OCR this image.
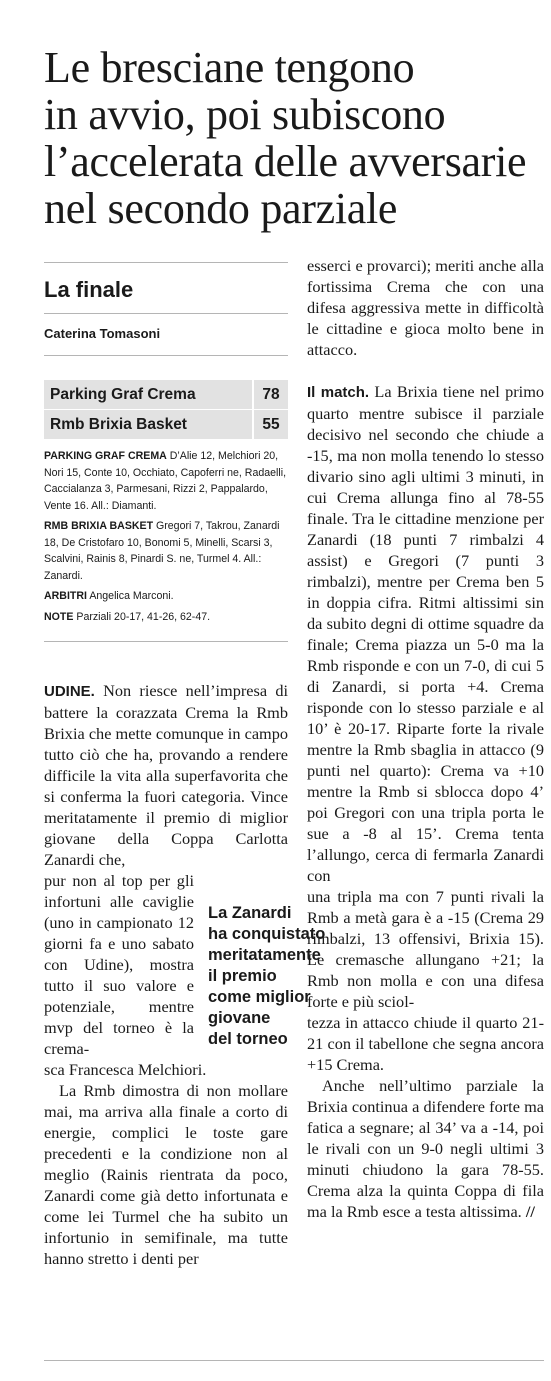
Le bresciane tengono
in avvio, poi subiscono
l’accelerata delle avversarie
nel secondo parziale
La finale
Caterina Tomasoni
Parking Graf Crema	78
Rmb Brixia Basket	55

PARKING GRAF CREMA D’Alie 12, Melchiori 20, Nori 15, Conte 10, Occhiato, Capoferri ne, Radaelli, Caccialanza 3, Parmesani, Rizzi 2, Pappalardo, Vente 16. All.: Diamanti.

RMB BRIXIA BASKET Gregori 7, Takrou, Zanardi 18, De Cristofaro 10, Bonomi 5, Minelli, Scarsi 3, Scalvini, Rainis 8, Pinardi S. ne, Turmel 4. All.: Zanardi.

ARBITRI Angelica Marconi.

NOTE Parziali 20-17, 41-26, 62-47.

UDINE. Non riesce nell’impresa di battere la corazzata Crema la Rmb Brixia che mette comunque in campo tutto ciò che ha, provando a rendere difficile la vita alla superfavorita che si conferma la fuori categoria. Vince meritatamente il premio di miglior giovane della Coppa Carlotta Zanardi che,

pur non al top per gli infortuni alle caviglie (uno in campionato 12 giorni fa e uno sabato con Udine), mostra tutto il suo valore e potenziale, mentre mvp del torneo è la crema-

sca Francesca Melchiori.

La Rmb dimostra di non mollare mai, ma arriva alla finale a corto di energie, complici le toste gare precedenti e la condizione non al meglio (Rainis rientrata da poco, Zanardi come già detto infortunata e come lei Turmel che ha subito un infortunio in semifinale, ma tutte hanno stretto i denti per

La Zanardi
ha conquistato
meritatamente
il premio
come miglior
giovane
del torneo

esserci e provarci); meriti anche alla fortissima Crema che con una difesa aggressiva mette in difficoltà le cittadine e gioca molto bene in attacco.

Il match. La Brixia tiene nel primo quarto mentre subisce il parziale decisivo nel secondo che chiude a -15, ma non molla tenendo lo stesso divario sino agli ultimi 3 minuti, in cui Crema allunga fino al 78-55 finale. Tra le cittadine menzione per Zanardi (18 punti 7 rimbalzi 4 assist) e Gregori (7 punti 3 rimbalzi), mentre per Crema ben 5 in doppia cifra. Ritmi altissimi sin da subito degni di ottime squadre da finale; Crema piazza un 5-0 ma la Rmb risponde e con un 7-0, di cui 5 di Zanardi, si porta +4. Crema risponde con lo stesso parziale e al 10’ è 20-17. Riparte forte la rivale mentre la Rmb sbaglia in attacco (9 punti nel quarto): Crema va +10 mentre la Rmb si sblocca dopo 4’ poi Gregori con una tripla porta le sue a -8 al 15’. Crema tenta l’allungo, cerca di fermarla Zanardi con

una tripla ma con 7 punti rivali la Rmb a metà gara è a -15 (Crema 29 rimbalzi, 13 offensivi, Brixia 15). Le cremasche allungano +21; la Rmb non molla e con una difesa forte e più sciol-

tezza in attacco chiude il quarto 21-21 con il tabellone che segna ancora +15 Crema.

Anche nell’ultimo parziale la Brixia continua a difendere forte ma fatica a segnare; al 34’ va a -14, poi le rivali con un 9-0 negli ultimi 3 minuti chiudono la gara 78-55. Crema alza la quinta Coppa di fila ma la Rmb esce a testa altissima. //
